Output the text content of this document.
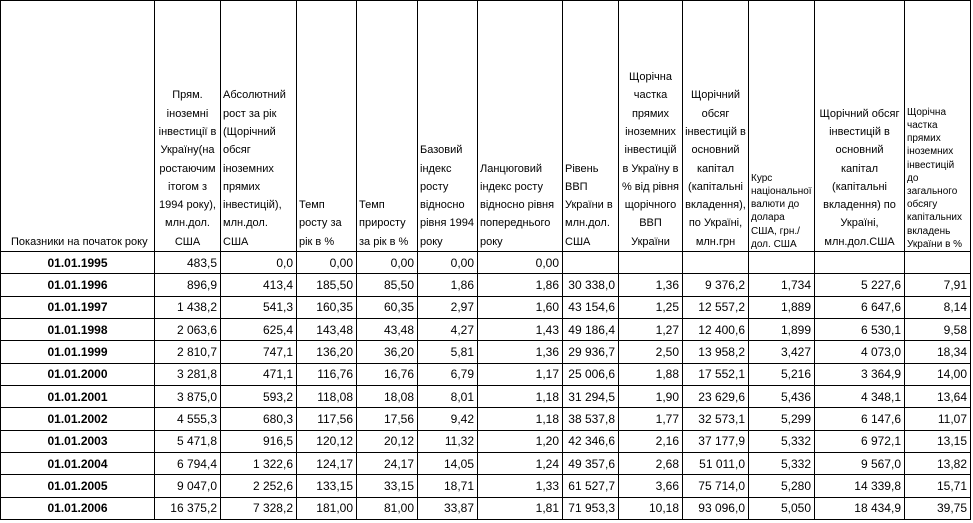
Показники на початок року	Прям. іноземні інвестиції в Україну(на ростаючим ітогом з 1994 року), млн.дол. США	Абсолютний рост за рік (Щорічний обсяг іноземних прямих інвестицій), млн.дол. США	Темп росту за рік в %	Темп приросту за рік в %	Базовий індекс росту відносно рівня 1994 року	Ланцюговий індекс росту відносно рівня попереднього року	Рівень ВВП України в млн.дол. США	Щорічна частка прямих іноземних інвестицій в Україну в % від рівня щорічного ВВП України	Щорічний обсяг інвестицій в основний капітал (капітальні вкладення), по Україні, млн.грн	Курс національної валюти до долара США, грн./дол. США	Щорічний обсяг інвестицій в основний капітал (капітальні вкладення) по Україні, млн.дол.США	Щорічна частка прямих іноземних інвестицій до загального обсягу капітальних вкладень України в %
01.01.1995	483,5	0,0	0,00	0,00	0,00	0,00						
01.01.1996	896,9	413,4	185,50	85,50	1,86	1,86	30 338,0	1,36	9 376,2	1,734	5 227,6	7,91
01.01.1997	1 438,2	541,3	160,35	60,35	2,97	1,60	43 154,6	1,25	12 557,2	1,889	6 647,6	8,14
01.01.1998	2 063,6	625,4	143,48	43,48	4,27	1,43	49 186,4	1,27	12 400,6	1,899	6 530,1	9,58
01.01.1999	2 810,7	747,1	136,20	36,20	5,81	1,36	29 936,7	2,50	13 958,2	3,427	4 073,0	18,34
01.01.2000	3 281,8	471,1	116,76	16,76	6,79	1,17	25 006,6	1,88	17 552,1	5,216	3 364,9	14,00
01.01.2001	3 875,0	593,2	118,08	18,08	8,01	1,18	31 294,5	1,90	23 629,6	5,436	4 348,1	13,64
01.01.2002	4 555,3	680,3	117,56	17,56	9,42	1,18	38 537,8	1,77	32 573,1	5,299	6 147,6	11,07
01.01.2003	5 471,8	916,5	120,12	20,12	11,32	1,20	42 346,6	2,16	37 177,9	5,332	6 972,1	13,15
01.01.2004	6 794,4	1 322,6	124,17	24,17	14,05	1,24	49 357,6	2,68	51 011,0	5,332	9 567,0	13,82
01.01.2005	9 047,0	2 252,6	133,15	33,15	18,71	1,33	61 527,7	3,66	75 714,0	5,280	14 339,8	15,71
01.01.2006	16 375,2	7 328,2	181,00	81,00	33,87	1,81	71 953,3	10,18	93 096,0	5,050	18 434,9	39,75
